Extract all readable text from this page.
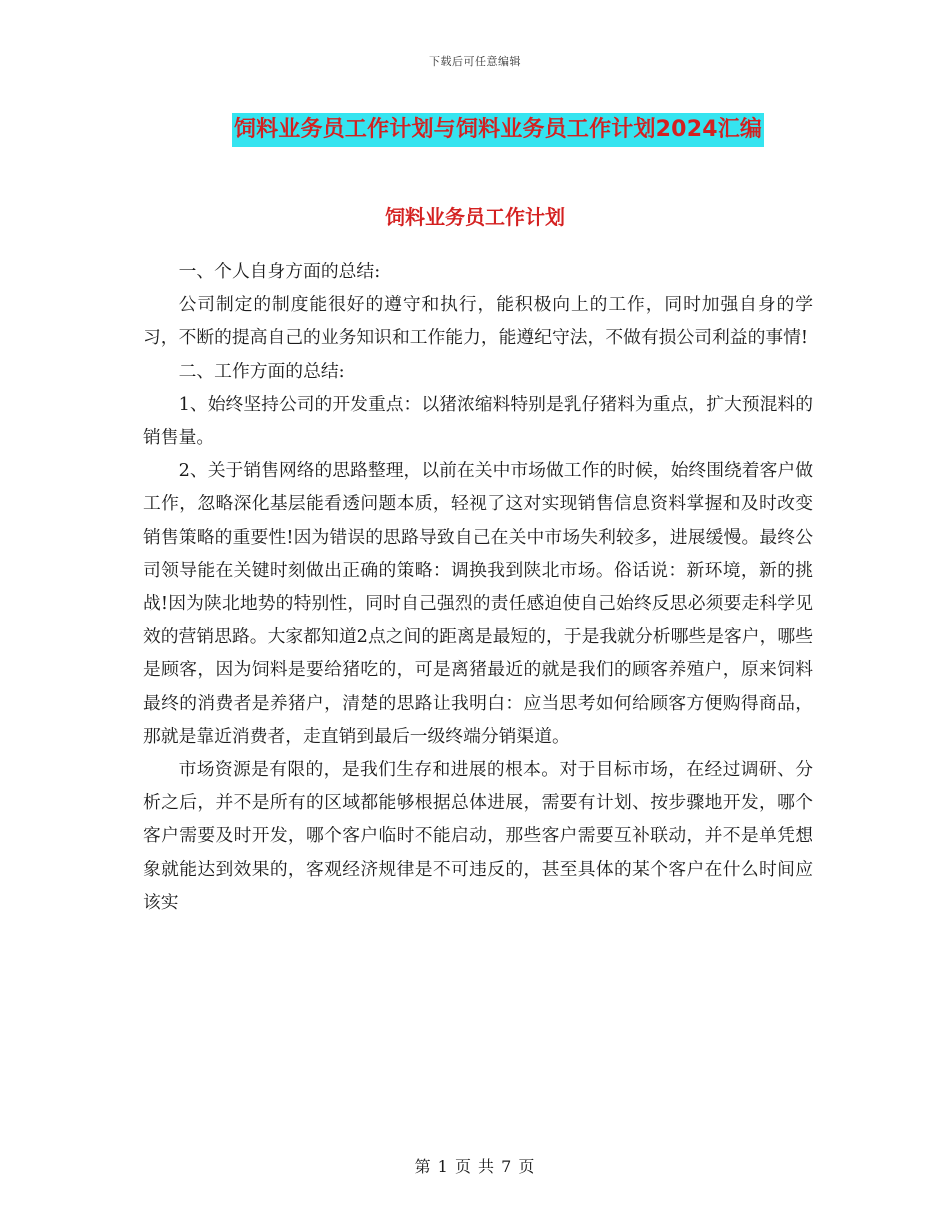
下载后可任意编辑
饲料业务员工作计划与饲料业务员工作计划2024汇编
饲料业务员工作计划

一、个人自身方面的总结:

公司制定的制度能很好的遵守和执行，能积极向上的工作，同时加强自身的学习，不断的提高自己的业务知识和工作能力，能遵纪守法，不做有损公司利益的事情!

二、工作方面的总结:

1、始终坚持公司的开发重点：以猪浓缩料特别是乳仔猪料为重点，扩大预混料的销售量。

2、关于销售网络的思路整理，以前在关中市场做工作的时候，始终围绕着客户做工作，忽略深化基层能看透问题本质，轻视了这对实现销售信息资料掌握和及时改变销售策略的重要性!因为错误的思路导致自己在关中市场失利较多，进展缓慢。最终公司领导能在关键时刻做出正确的策略：调换我到陕北市场。俗话说：新环境，新的挑战!因为陕北地势的特别性，同时自己强烈的责任感迫使自己始终反思必须要走科学见效的营销思路。大家都知道2点之间的距离是最短的，于是我就分析哪些是客户，哪些是顾客，因为饲料是要给猪吃的，可是离猪最近的就是我们的顾客养殖户，原来饲料最终的消费者是养猪户，清楚的思路让我明白：应当思考如何给顾客方便购得商品，那就是靠近消费者，走直销到最后一级终端分销渠道。

市场资源是有限的，是我们生存和进展的根本。对于目标市场，在经过调研、分析之后，并不是所有的区域都能够根据总体进展，需要有计划、按步骤地开发，哪个客户需要及时开发，哪个客户临时不能启动，那些客户需要互补联动，并不是单凭想象就能达到效果的，客观经济规律是不可违反的，甚至具体的某个客户在什么时间应该实

第 1 页 共 7 页
